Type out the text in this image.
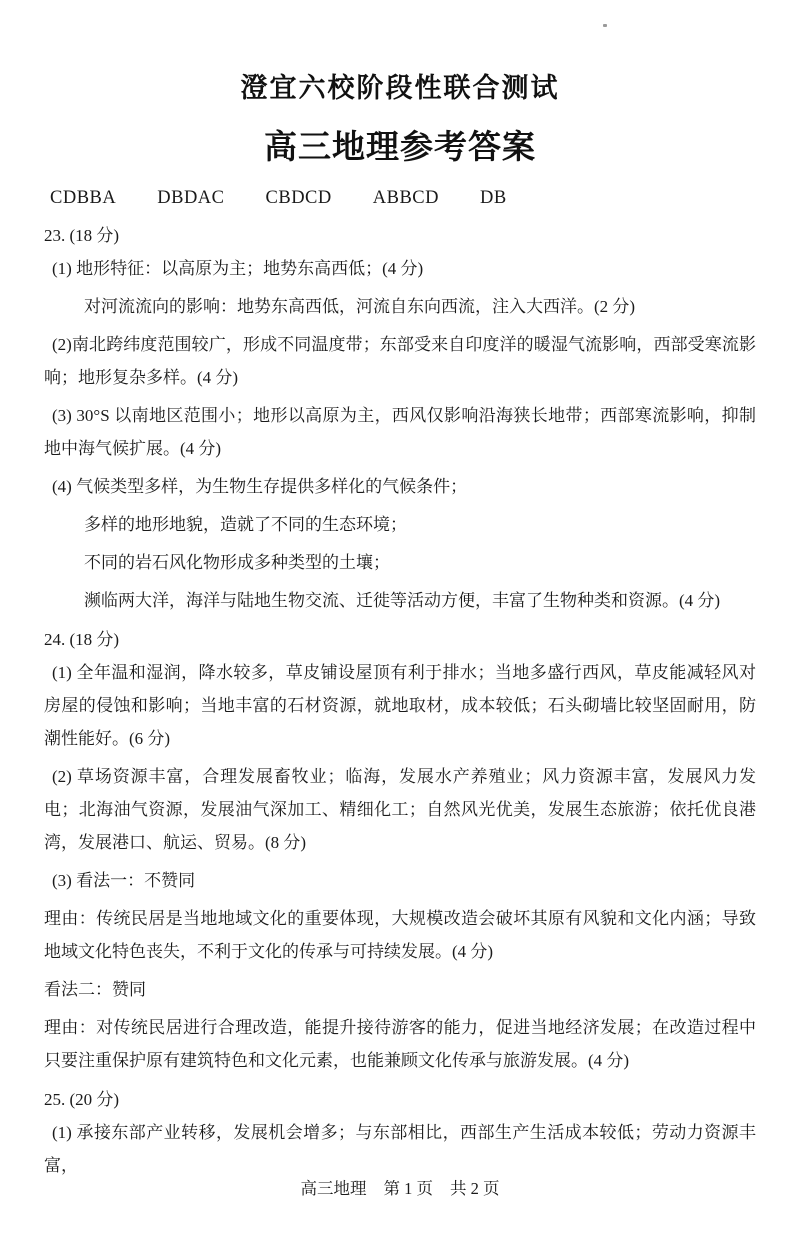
澄宜六校阶段性联合测试
高三地理参考答案
CDBBA DBDAC CBDCD ABBCD DB
23. (18 分)

(1) 地形特征：以高原为主；地势东高西低；(4 分)

对河流流向的影响：地势东高西低，河流自东向西流，注入大西洋。(2 分)

(2)南北跨纬度范围较广，形成不同温度带；东部受来自印度洋的暖湿气流影响，西部受寒流影响；地形复杂多样。(4 分)

(3) 30°S 以南地区范围小；地形以高原为主，西风仅影响沿海狭长地带；西部寒流影响，抑制地中海气候扩展。(4 分)

(4) 气候类型多样，为生物生存提供多样化的气候条件；

多样的地形地貌，造就了不同的生态环境；

不同的岩石风化物形成多种类型的土壤；

濒临两大洋，海洋与陆地生物交流、迁徙等活动方便，丰富了生物种类和资源。(4 分)

24. (18 分)

(1) 全年温和湿润，降水较多，草皮铺设屋顶有利于排水；当地多盛行西风，草皮能减轻风对房屋的侵蚀和影响；当地丰富的石材资源，就地取材，成本较低；石头砌墙比较坚固耐用，防潮性能好。(6 分)

(2) 草场资源丰富，合理发展畜牧业；临海，发展水产养殖业；风力资源丰富，发展风力发电；北海油气资源，发展油气深加工、精细化工；自然风光优美，发展生态旅游；依托优良港湾，发展港口、航运、贸易。(8 分)

(3) 看法一：不赞同

理由：传统民居是当地地域文化的重要体现，大规模改造会破坏其原有风貌和文化内涵；导致地域文化特色丧失，不利于文化的传承与可持续发展。(4 分)

看法二：赞同

理由：对传统民居进行合理改造，能提升接待游客的能力，促进当地经济发展；在改造过程中只要注重保护原有建筑特色和文化元素，也能兼顾文化传承与旅游发展。(4 分)

25. (20 分)

(1) 承接东部产业转移，发展机会增多；与东部相比，西部生产生活成本较低；劳动力资源丰富，

高三地理 第 1 页 共 2 页
